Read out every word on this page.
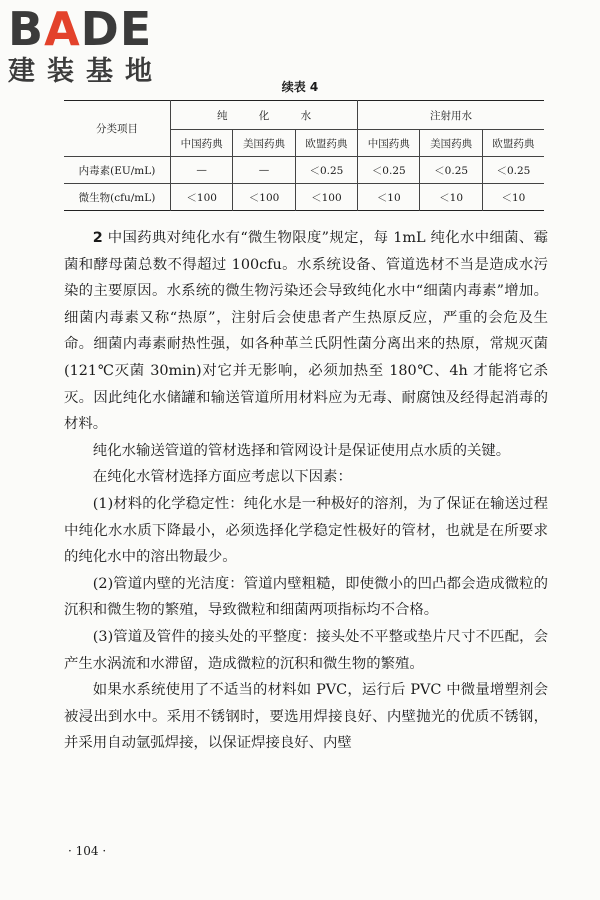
BADE
建装基地	续表 4
分类项目	纯 化 水			注射用水		
	中国药典	美国药典	欧盟药典	中国药典	美国药典	欧盟药典
内毒素(EU/mL)	—	—	＜0.25	＜0.25	＜0.25	＜0.25
微生物(cfu/mL)	＜100	＜100	＜100	＜10	＜10	＜10

2 中国药典对纯化水有“微生物限度”规定，每 1mL 纯化水中细菌、霉菌和酵母菌总数不得超过 100cfu。水系统设备、管道选材不当是造成水污染的主要原因。水系统的微生物污染还会导致纯化水中“细菌内毒素”增加。细菌内毒素又称“热原”，注射后会使患者产生热原反应，严重的会危及生命。细菌内毒素耐热性强，如各种革兰氏阴性菌分离出来的热原，常规灭菌(121℃灭菌 30min)对它并无影响，必须加热至 180℃、4h 才能将它杀灭。因此纯化水储罐和输送管道所用材料应为无毒、耐腐蚀及经得起消毒的材料。

纯化水输送管道的管材选择和管网设计是保证使用点水质的关键。

在纯化水管材选择方面应考虑以下因素：

(1)材料的化学稳定性：纯化水是一种极好的溶剂，为了保证在输送过程中纯化水水质下降最小，必须选择化学稳定性极好的管材，也就是在所要求的纯化水中的溶出物最少。

(2)管道内壁的光洁度：管道内壁粗糙，即使微小的凹凸都会造成微粒的沉积和微生物的繁殖，导致微粒和细菌两项指标均不合格。

(3)管道及管件的接头处的平整度：接头处不平整或垫片尺寸不匹配，会产生水涡流和水滞留，造成微粒的沉积和微生物的繁殖。

如果水系统使用了不适当的材料如 PVC，运行后 PVC 中微量增塑剂会被浸出到水中。采用不锈钢时，要选用焊接良好、内壁抛光的优质不锈钢，并采用自动氩弧焊接，以保证焊接良好、内壁

· 104 ·
